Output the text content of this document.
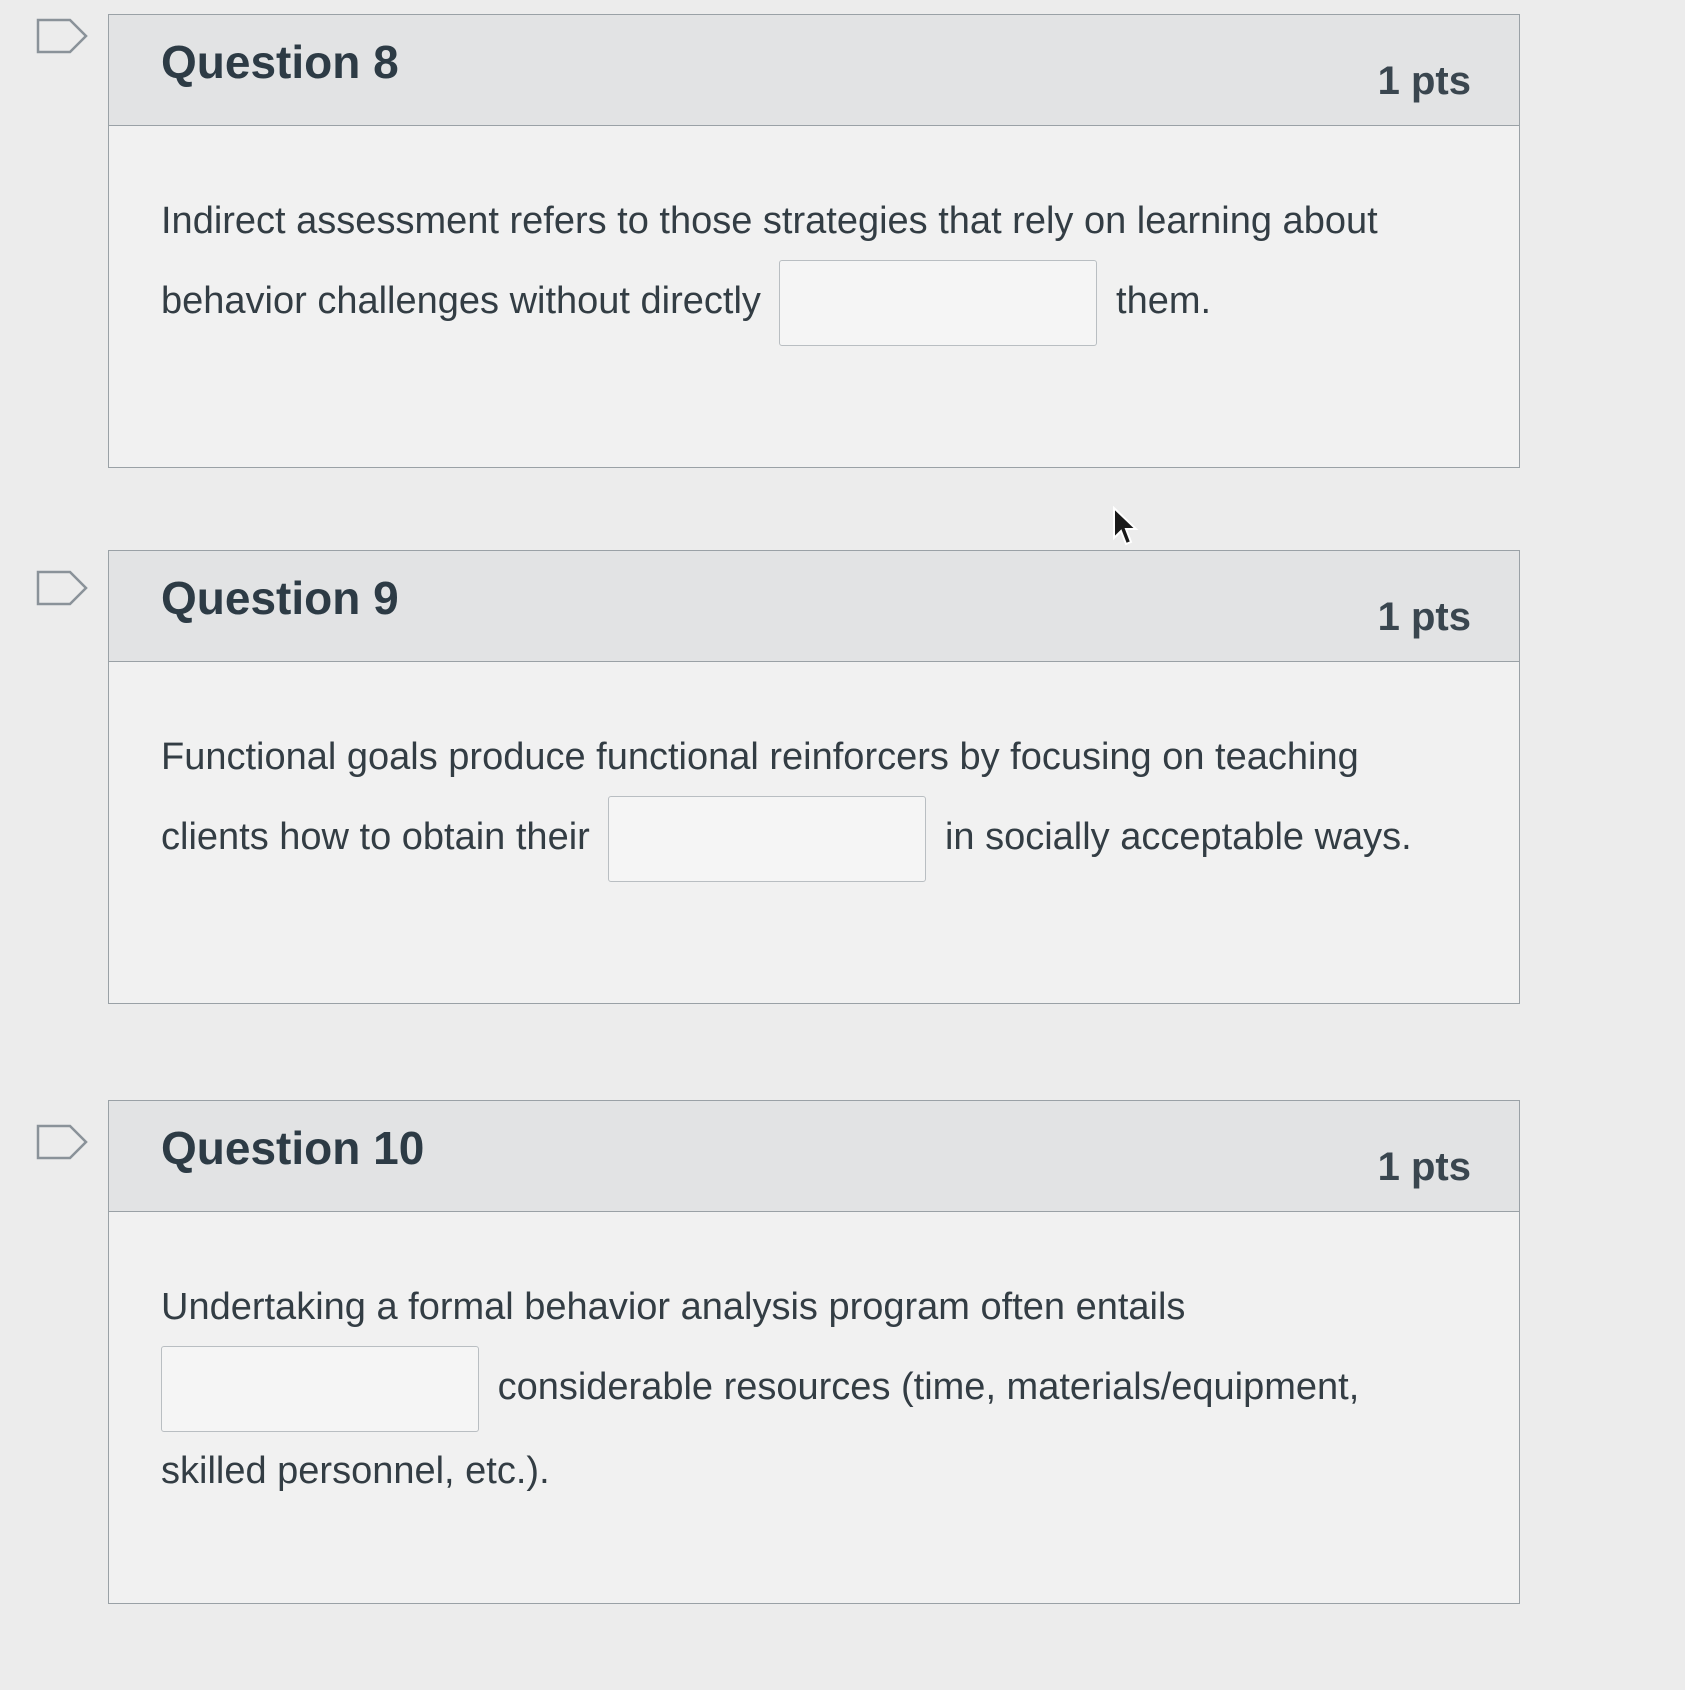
Question 8	1 pts
Indirect assessment refers to those strategies that rely on learning about behavior challenges without directly	them.
Question 9	1 pts
Functional goals produce functional reinforcers by focusing on teaching clients how to obtain their	in socially acceptable ways.
Question 10	1 pts
Undertaking a formal behavior analysis program often entails
considerable resources (time, materials/equipment, skilled personnel, etc.).
